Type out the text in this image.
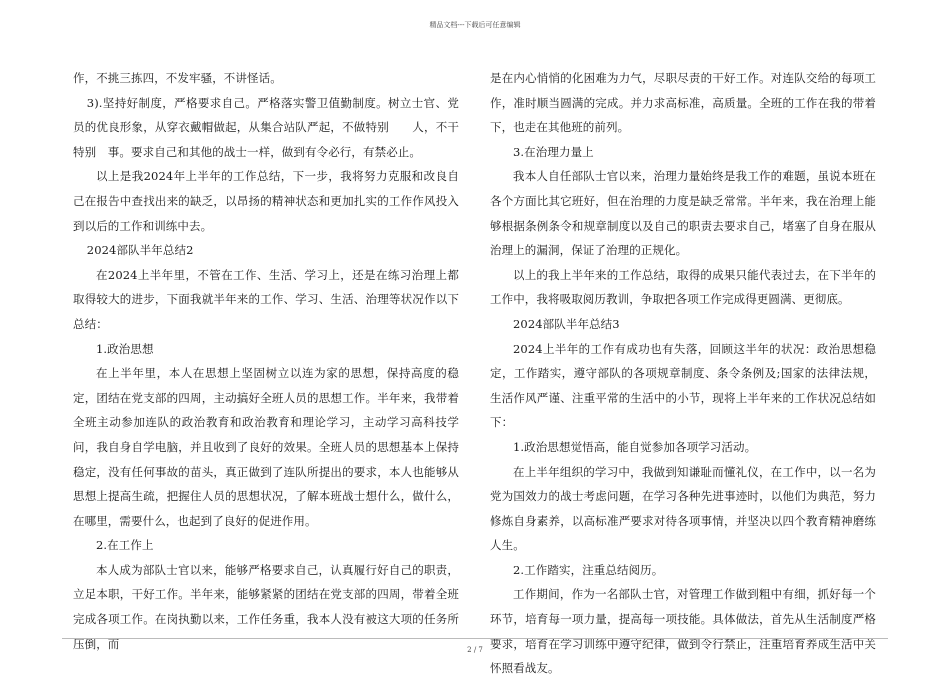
精品文档---下载后可任意编辑

作，不挑三拣四，不发牢骚，不讲怪话。

3).坚持好制度，严格要求自己。严格落实警卫值勤制度。树立士官、党员的优良形象，从穿衣戴帽做起，从集合站队严起，不做特别　　人，不干特别　事。要求自己和其他的战士一样，做到有令必行，有禁必止。

以上是我2024年上半年的工作总结，下一步，我将努力克服和改良自己在报告中查找出来的缺乏，以昂扬的精神状态和更加扎实的工作作风投入到以后的工作和训练中去。

2024部队半年总结2

在2024上半年里，不管在工作、生活、学习上，还是在练习治理上都取得较大的进步，下面我就半年来的工作、学习、生活、治理等状况作以下总结：

1.政治思想

在上半年里，本人在思想上坚固树立以连为家的思想，保持高度的稳定，团结在党支部的四周，主动搞好全班人员的思想工作。半年来，我带着全班主动参加连队的政治教育和政治教育和理论学习，主动学习高科技学问，我自身自学电脑，并且收到了良好的效果。全班人员的思想基本上保持稳定，没有任何事故的苗头，真正做到了连队所提出的要求，本人也能够从思想上提高生疏，把握住人员的思想状况，了解本班战士想什么，做什么，在哪里，需要什么，也起到了良好的促进作用。

2.在工作上

本人成为部队士官以来，能够严格要求自己，认真履行好自己的职责，立足本职，干好工作。半年来，能够紧紧的团结在党支部的四周，带着全班完成各项工作。在岗执勤以来，工作任务重，我本人没有被这大项的任务所压倒，而

是在内心悄悄的化困难为力气，尽职尽责的干好工作。对连队交给的每项工作，准时顺当圆满的完成。并力求高标准，高质量。全班的工作在我的带着下，也走在其他班的前列。

3.在治理力量上

我本人自任部队士官以来，治理力量始终是我工作的难题，虽说本班在各个方面比其它班好，但在治理的力度是缺乏常常。半年来，我在治理上能够根据条例条令和规章制度以及自己的职责去要求自己，堵塞了自身在服从治理上的漏洞，保证了治理的正规化。

以上的我上半年来的工作总结，取得的成果只能代表过去，在下半年的工作中，我将吸取阅历教训，争取把各项工作完成得更圆满、更彻底。

2024部队半年总结3

2024上半年的工作有成功也有失落，回顾这半年的状况：政治思想稳定，工作踏实，遵守部队的各项规章制度、条令条例及;国家的法律法规，生活作风严谨、注重平常的生活中的小节，现将上半年来的工作状况总结如下：

1.政治思想觉悟高，能自觉参加各项学习活动。

在上半年组织的学习中，我做到知谦耻而懂礼仪，在工作中，以一名为党为国效力的战士考虑问题，在学习各种先进事迹时，以他们为典范，努力修炼自身素养，以高标准严要求对待各项事情，并坚决以四个教育精神磨练人生。

2.工作踏实，注重总结阅历。

工作期间，作为一名部队士官，对管理工作做到粗中有细，抓好每一个环节，培育每一项力量，提高每一项技能。具体做法，首先从生活制度严格要求，培育在学习训练中遵守纪律，做到令行禁止，注重培育养成生活中关怀照看战友。

2 / 7
